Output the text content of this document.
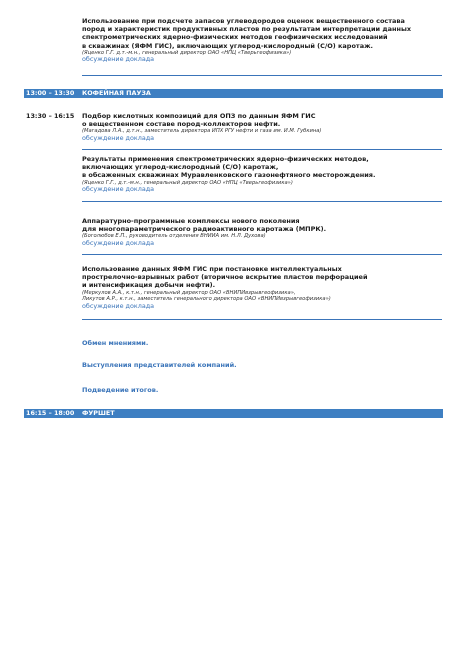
Использование при подсчете запасов углеводородов оценок вещественного состава
пород и характеристик продуктивных пластов по результатам интерпретации данных
спектрометрических ядерно-физических методов геофизических исследований
в скважинах (ЯФМ ГИС), включающих углерод-кислородный (С/О) каротаж.
(Яценко Г.Г. д.т.-м.н., генеральный директор ОАО «НПЦ «Тверьгеофизика»)
обсуждение доклада
13:00 – 13:30 КОФЕЙНАЯ ПАУЗА
13:30 – 16:15 Подбор кислотных композиций для ОПЗ по данным ЯФМ ГИС
о вещественном составе пород-коллекторов нефти.
(Магадова Л.А., д.т.н., заместитель директора ИПХ РГУ нефти и газа им. И.М. Губкина)
обсуждение доклада
Результаты применения спектрометрических ядерно-физических методов,
включающих углерод-кислородный (С/О) каротаж,
в обсаженных скважинах Муравленковского газонефтяного месторождения.
(Яценко Г.Г., д.т.-м.н., генеральный директор ОАО «НПЦ «Тверьгеофизика»)
обсуждение доклада
Аппаратурно-программные комплексы нового поколения
для многопараметрического радиоактивного каротажа (МПРК).
(Боголюбов Е.П., руководитель отделения ВНИИА им. Н.Л. Духова)
обсуждение доклада
Использование данных ЯФМ ГИС при постановке интеллектуальных
прострелочно-взрывных работ (вторичное вскрытие пластов перфорацией
и интенсификация добычи нефти).
(Меркулов А.А., к.т.н., генеральный директор ОАО «ВНИПИвзрывгеофизика»,
Ликутов А.Р., к.т.н., заместитель генерального директора ОАО «ВНИПИвзрывгеофизика»)
обсуждение доклада
Обмен мнениями.
Выступления представителей компаний.
Подведение итогов.
16:15 – 18:00 ФУРШЕТ
